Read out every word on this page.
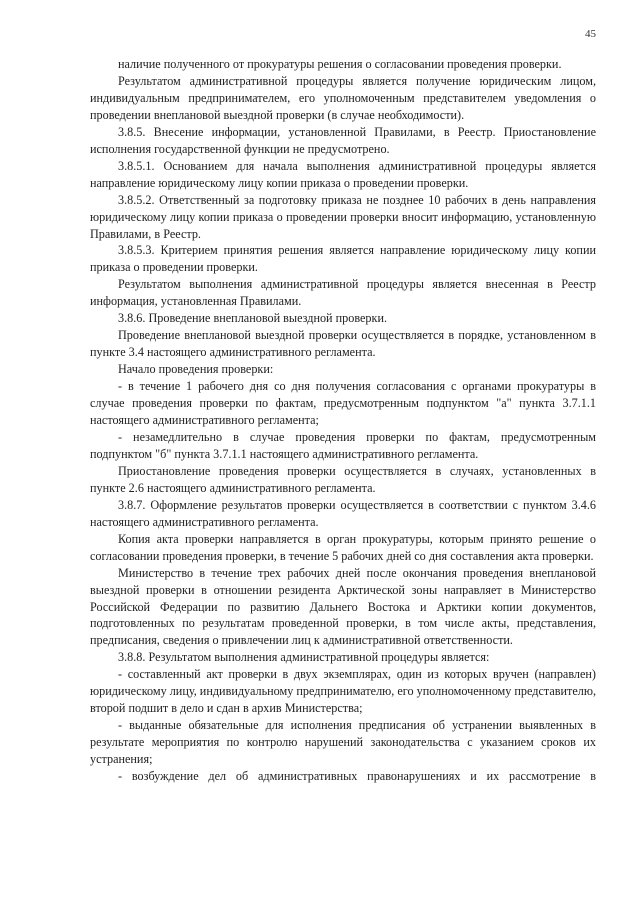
45

наличие полученного от прокуратуры решения о согласовании проведения проверки.

Результатом административной процедуры является получение юридическим лицом, индивидуальным предпринимателем, его уполномоченным представителем уведомления о проведении внеплановой выездной проверки (в случае необходимости).

3.8.5. Внесение информации, установленной Правилами, в Реестр. Приостановление исполнения государственной функции не предусмотрено.

3.8.5.1. Основанием для начала выполнения административной процедуры является направление юридическому лицу копии приказа о проведении проверки.

3.8.5.2. Ответственный за подготовку приказа не позднее 10 рабочих в день направления юридическому лицу копии приказа о проведении проверки вносит информацию, установленную Правилами, в Реестр.

3.8.5.3. Критерием принятия решения является направление юридическому лицу копии приказа о проведении проверки.

Результатом выполнения административной процедуры является внесенная в Реестр информация, установленная Правилами.

3.8.6. Проведение внеплановой выездной проверки.

Проведение внеплановой выездной проверки осуществляется в порядке, установленном в пункте 3.4 настоящего административного регламента.

Начало проведения проверки:

- в течение 1 рабочего дня со дня получения согласования с органами прокуратуры в случае проведения проверки по фактам, предусмотренным подпунктом "а" пункта 3.7.1.1 настоящего административного регламента;

- незамедлительно в случае проведения проверки по фактам, предусмотренным подпунктом "б" пункта 3.7.1.1 настоящего административного регламента.

Приостановление проведения проверки осуществляется в случаях, установленных в пункте 2.6 настоящего административного регламента.

3.8.7. Оформление результатов проверки осуществляется в соответствии с пунктом 3.4.6 настоящего административного регламента.

Копия акта проверки направляется в орган прокуратуры, которым принято решение о согласовании проведения проверки, в течение 5 рабочих дней со дня составления акта проверки.

Министерство в течение трех рабочих дней после окончания проведения внеплановой выездной проверки в отношении резидента Арктической зоны направляет в Министерство Российской Федерации по развитию Дальнего Востока и Арктики копии документов, подготовленных по результатам проведенной проверки, в том числе акты, представления, предписания, сведения о привлечении лиц к административной ответственности.

3.8.8. Результатом выполнения административной процедуры является:

- составленный акт проверки в двух экземплярах, один из которых вручен (направлен) юридическому лицу, индивидуальному предпринимателю, его уполномоченному представителю, второй подшит в дело и сдан в архив Министерства;

- выданные обязательные для исполнения предписания об устранении выявленных в результате мероприятия по контролю нарушений законодательства с указанием сроков их устранения;

- возбуждение дел об административных правонарушениях и их рассмотрение в
